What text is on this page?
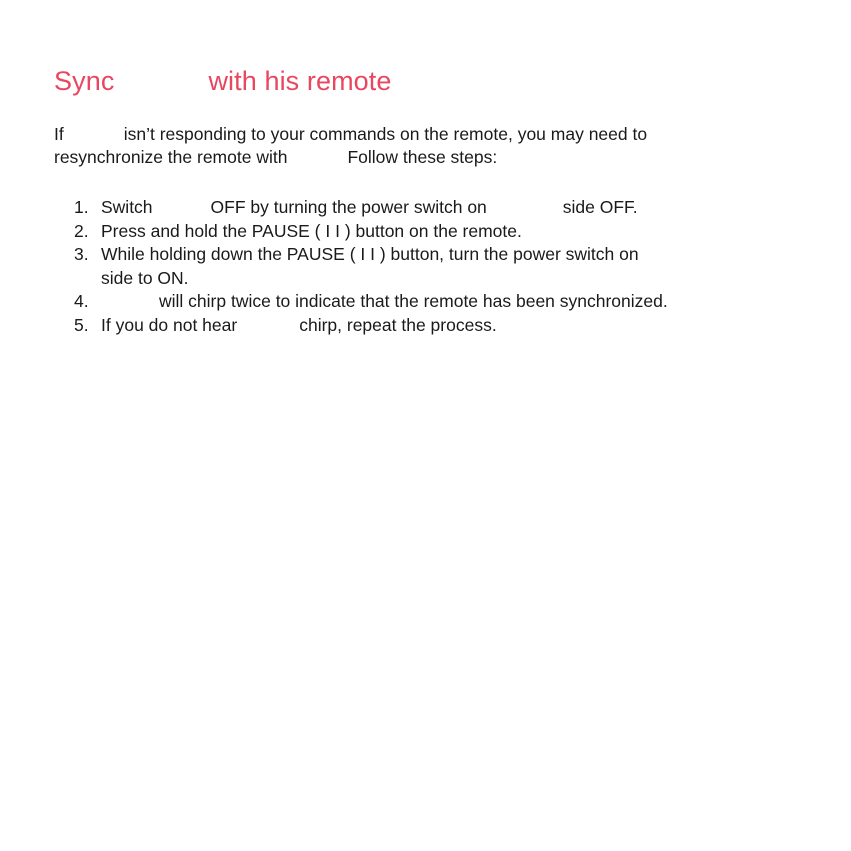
Sync	with his remote
If	isn’t responding to your commands on the remote, you may need to
resynchronize the remote with	Follow these steps:
1. Switch	OFF by turning the power switch on	side OFF.
2. Press and hold the PAUSE ( I I ) button on the remote.
3. While holding down the PAUSE ( I I ) button, turn the power switch on
side to ON.
4.	will chirp twice to indicate that the remote has been synchronized.
5. If you do not hear	chirp, repeat the process.
